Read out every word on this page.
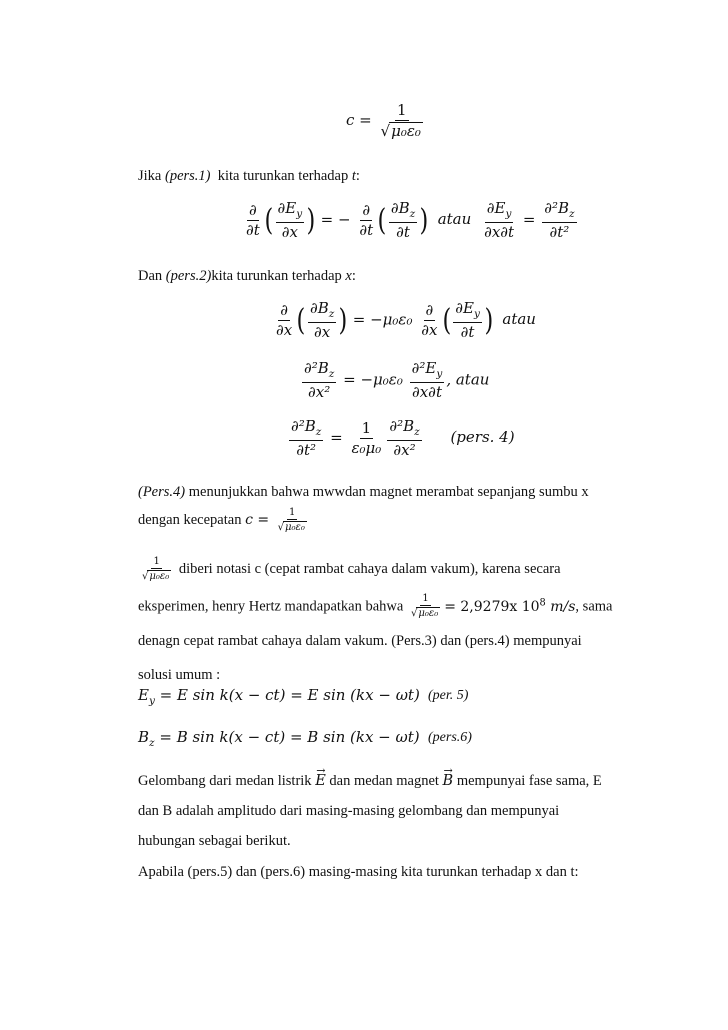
$c = \frac{1}{\text{√μ₀ε₀}}$
Jika (pers.1)  kita turunkan terhadap t:
$\frac{\partial}{\partial t}$ ( $\frac{\partial E_y}{\partial x}$ ) = − $\frac{\partial}{\partial t}$ ( $\frac{\partial B_z}{\partial t}$ ) atau $\frac{\partial E_y}{\partial x\partial t} = \frac{\partial^2B_z}{\text{∂t²}}$
Dan (pers.2)kita turunkan terhadap x:
$\frac{\partial}{\partial x}$ ( $\frac{\partial B_z}{\partial x}$ ) = $-\mu_0\varepsilon_0 \frac{\partial}{\partial x}$ ( $\frac{\partial E_y}{\partial t}$ ) atau
$\frac{\partial^2B_z}{\text{∂x²}} = -\mu_0\varepsilon_0 \frac{\partial^2E_y}{\partial x\partial t}$ , atau
$\frac{\partial^2B_z}{\text{∂t²}} = \frac{1}{\text{ε₀μ₀}} \frac{\partial^2B_z}{\text{∂x²}}$ (pers. 4)
(Pers.4) menunjukkan bahwa mwwdan magnet merambat sepanjang sumbu x
dengan kecepatan $c = \frac{1}{\text{√μ₀ε₀}}$
$\frac{1}{\text{√μ₀ε₀}}$ diberi notasi c (cepat rambat cahaya dalam vakum), karena secara
eksperimen, henry Hertz mandapatkan bahwa $\frac{1}{\text{√μ₀ε₀}} = 2,9279x$ $10^8$ m/s, sama
denagn cepat rambat cahaya dalam vakum. (Pers.3) dan (pers.4) mempunyai
solusi umum :
$E_y = E$ sin k(x − ct) = E sin (kx − ωt) (per. 5)
$B_z = B$ sin k(x − ct) = B sin (kx − ωt) (pers.6)
Gelombang dari medan listrik E → dan medan magnet B → mempunyai fase sama, E
dan B adalah amplitudo dari masing-masing gelombang dan mempunyai
hubungan sebagai berikut.
Apabila (pers.5) dan (pers.6) masing-masing kita turunkan terhadap x dan t:
